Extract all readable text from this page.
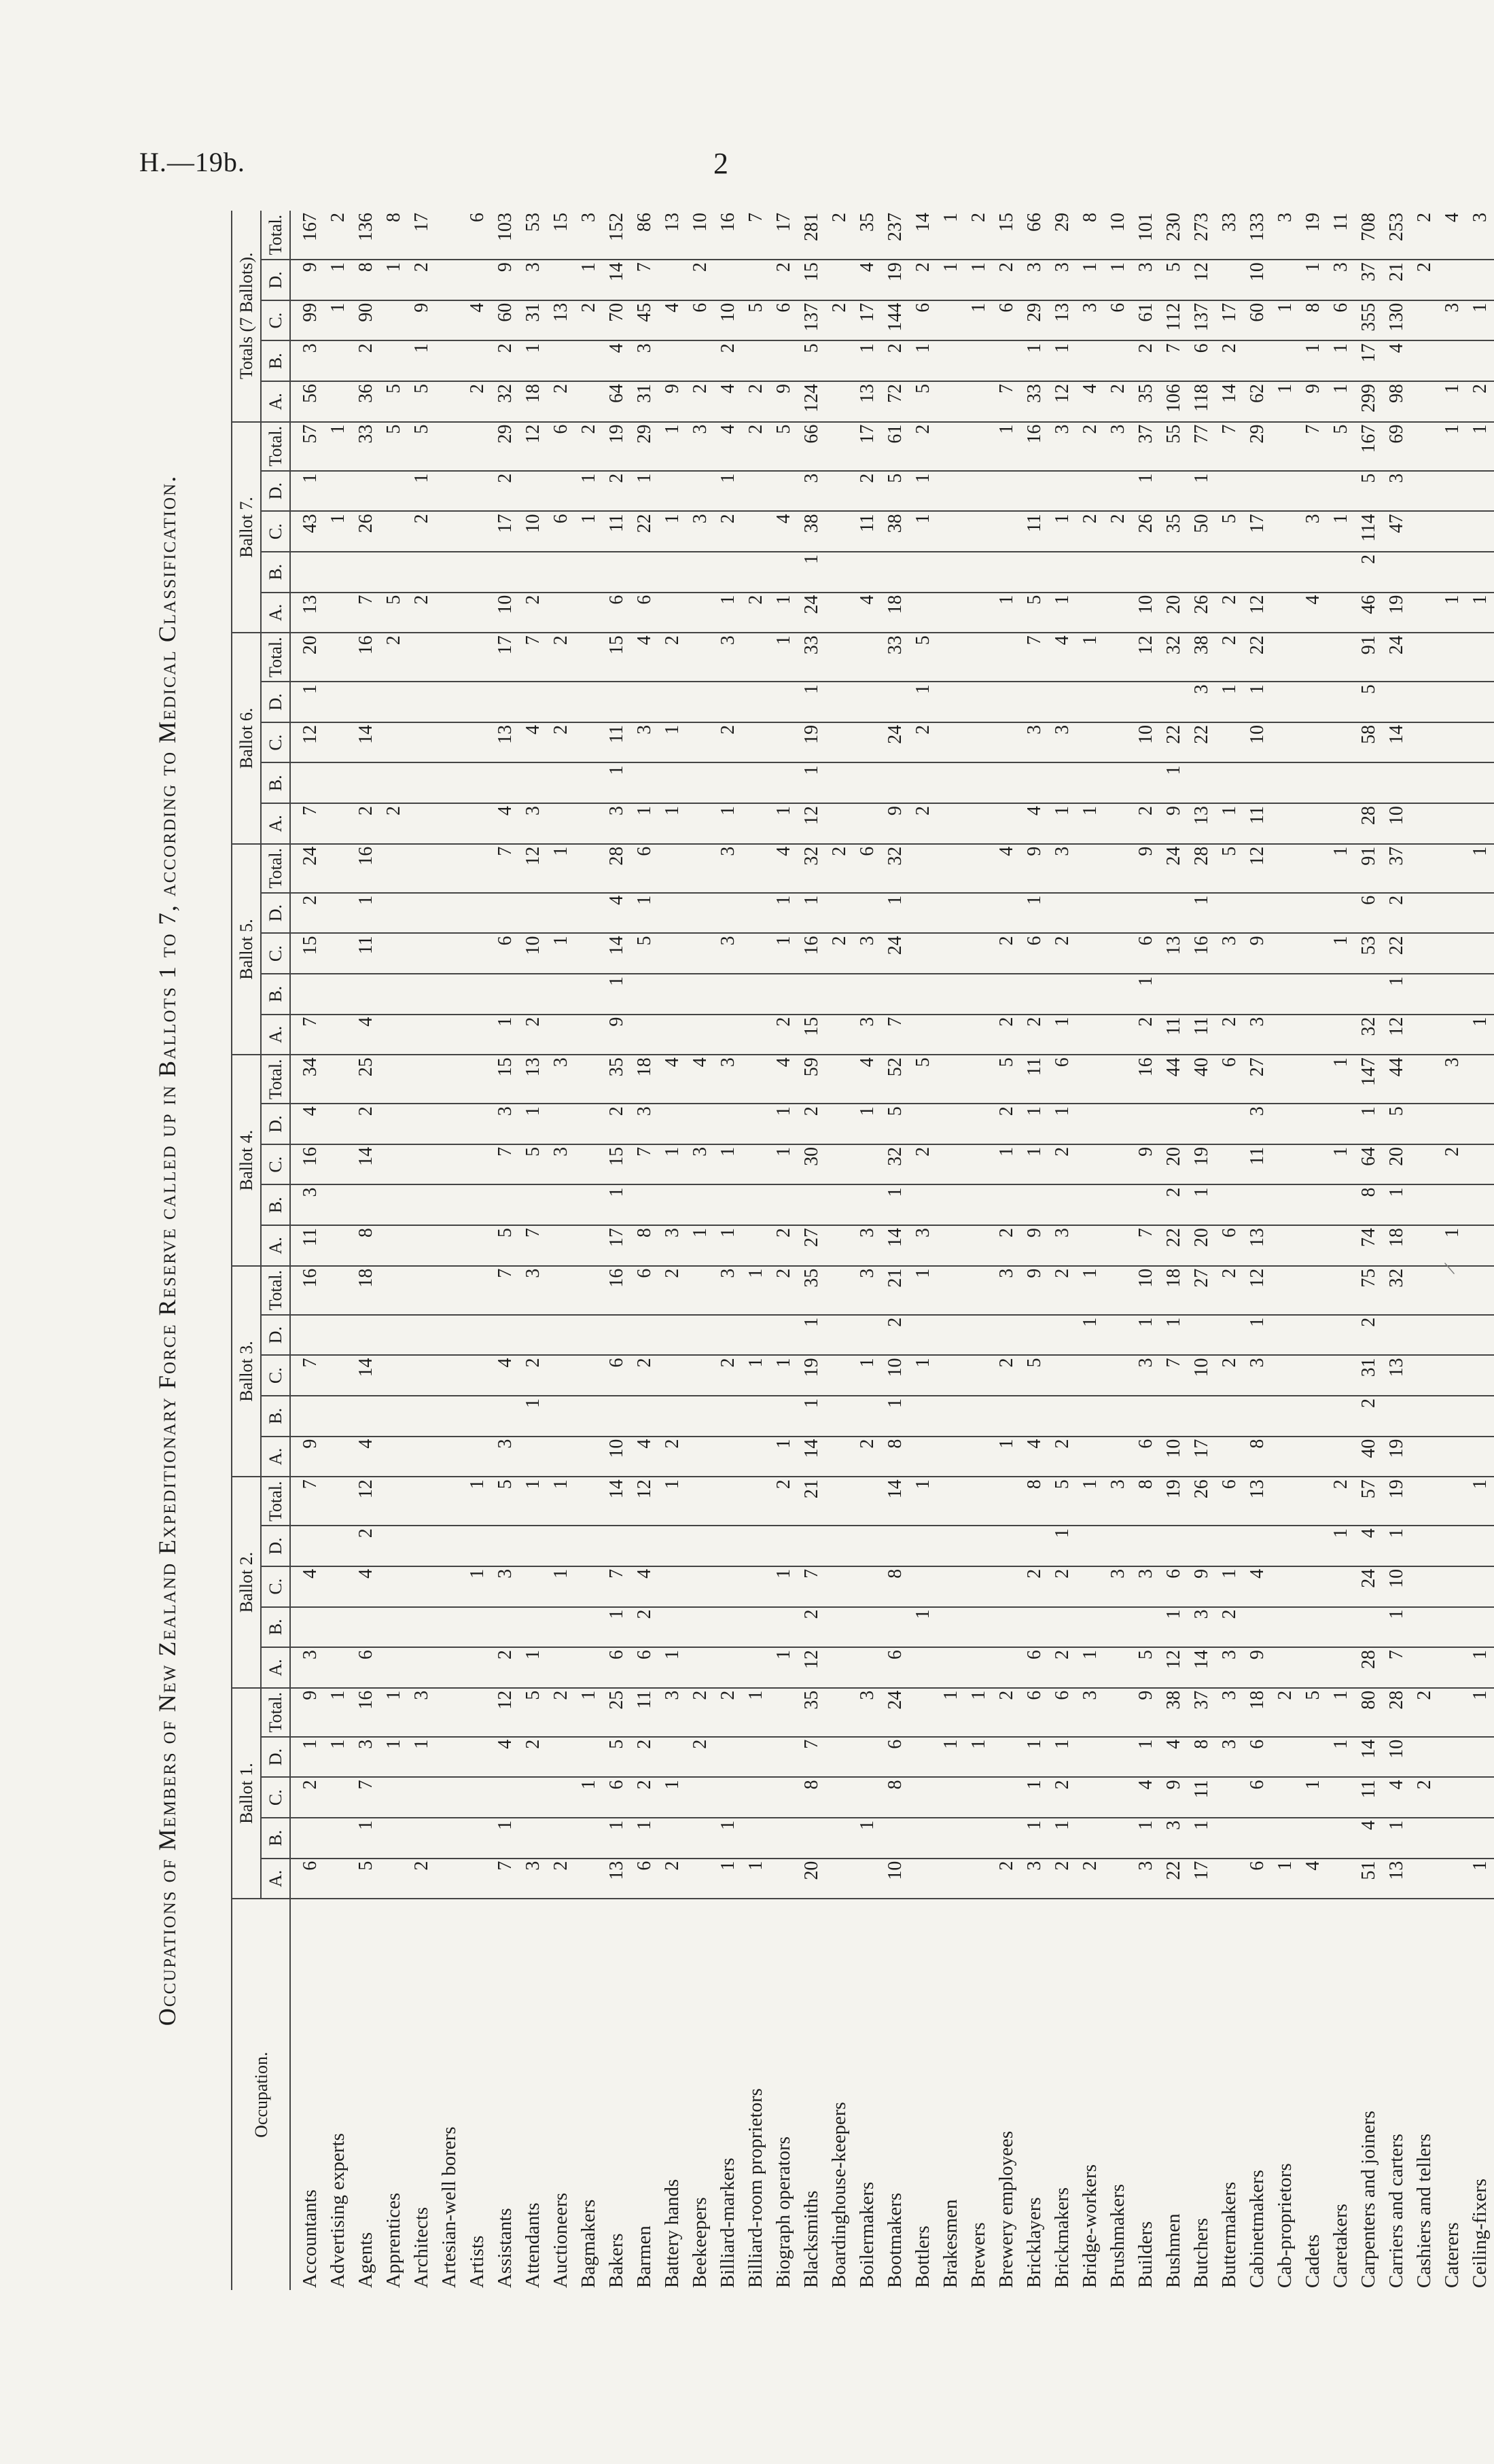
H.—19b.	2
Occupations of Members of New Zealand Expeditionary Force Reserve called up in Ballots 1 to 7, according to Medical Classification.
Occupation.	Ballot 1.					Ballot 2.					Ballot 3.					Ballot 4.					Ballot 5.					Ballot 6.					Ballot 7.					Totals (7 Ballots).				
	A.	B.	C.	D.	Total.	A.	B.	C.	D.	Total.	A.	B.	C.	D.	Total.	A.	B.	C.	D.	Total.	A.	B.	C.	D.	Total.	A.	B.	C.	D.	Total.	A.	B.	C.	D.	Total.	A.	B.	C.	D.	Total.
Accountants	6		2	1	9	3		4		7	9		7		16	11	3	16	4	34	7		15	2	24	7		12	1	20	13		43	1	57	56	3	99	9	167
Advertising experts				1	1																												1		1			1	1	2
Agents	5	1	7	3	16	6		4	2	12	4		14		18	8		14	2	25	4		11	1	16	2		14		16	7		26		33	36	2	90	8	136
Apprentices				1	1																					2				2	5				5	5			1	8
Architects	2			1	3																										2		2	1	5	5	1	9	2	17
Artesian-well borers																																								
Artists								1		1																										2		4		6
Assistants	7	1		4	12	2		3		5	3		4		7	5		7	3	15	1		6		7	4		13		17	10		17	2	29	32	2	60	9	103
Attendants	3			2	5	1				1		1	2		3	7		5	1	13	2		10		12	3		4		7	2		10		12	18	1	31	3	53
Auctioneers	2				2			1		1								3		3			1		1			2		2			6		6	2		13		15
Bagmakers			1		1																												1	1	2			2	1	3
Bakers	13	1	6	5	25	6	1	7		14	10		6		16	17	1	15	2	35	9	1	14	4	28	3	1	11		15	6		11	2	19	64	4	70	14	152
Barmen	6	1	2	2	11	6	2	4		12	4		2		6	8		7	3	18			5	1	6	1		3		4	6		22	1	29	31	3	45	7	86
Battery hands	2		1		3	1				1	2				2	3		1		4						1		1		2			1		1	9		4		13
Beekeepers				2	2											1		3		4													3		3	2		6	2	10
Billiard-markers	1	1			2								2		3	1		1		3			3		3	1		2		3	1		2	1	4	4	2	10		16
Billiard-room proprietors	1				1								1		1																2				2	2		5		7
Biograph operators						1		1		2	1		1		2	2		1	1	4	2		1	1	4	1				1	1		4		5	9		6	2	17
Blacksmiths	20		8	7	35	12	2	7		21	14	1	19	1	35	27		30	2	59	15		16	1	32	12	1	19	1	33	24	1	38	3	66	124	5	137	15	281
Boardinghouse-keepers																							2		2													2		2
Boilermakers		1			3						2		1		3	3			1	4	3		3		6						4		11	2	17	13	1	17	4	35
Bootmakers	10		8	6	24	6		8		14	8	1	10	2	21	14	1	32	5	52	7		24	1	32	9		24		33	18		38	5	61	72	2	144	19	237
Bottlers							1			1			1		1	3		2		5						2		2	1	5			1	1	2	5	1	6	2	14
Brakesmen				1	1																																		1	1
Brewers				1	1																																	1	1	2
Brewery employees	2				2						1		2		3	2		1	2	5	2		2		4						1				1	7		6	2	15
Bricklayers	3	1	1	1	6	6		2		8	4		5		9	9		1	1	11	2		6	1	9	4		3		7	5		11		16	33	1	29	3	66
Brickmakers	2	1	2	1	6	2		2	1	5	2				2	3		2	1	6	1		2		3	1		3		4	1		1		3	12	1	13	3	29
Bridge-workers	2				3	1				1				1	1											1				1			2		2	4		3	1	8
Brushmakers								3		3																							2		3	2		6	1	10
Builders	3	1	4	1	9	5		3		8	6		3	1	10	7		9		16	2	1	6		9	2		10		12	10		26	1	37	35	2	61	3	101
Bushmen	22	3	9	4	38	12	1	6		19	10		7	1	18	22	2	20		44	11		13		24	9	1	22		32	20		35		55	106	7	112	5	230
Butchers	17	1	11	8	37	14	3	9		26	17		10		27	20	1	19		40	11		16	1	28	13		22	3	38	26		50	1	77	118	6	137	12	273
Buttermakers				3	3	3	2	1		6			2		2	6				6	2		3		5	1			1	2	2		5		7	14	2	17		33
Cabinetmakers	6		6	6	18	9		4		13	8		3	1	12	13		11	3	27	3		9		12	11		10	1	22	12		17		29	62		60	10	133
Cab-proprietors	1				2																															1		1		3
Cadets	4		1		5																										4		3		7	9	1	8	1	19
Caretakers				1	1				1	2								1		1			1		1								1		5	1	1	6	3	11
Carpenters and joiners	51	4	11	14	80	28		24	4	57	40	2	31	2	75	74	8	64	1	147	32		53	6	91	28		58	5	91	46	2	114	5	167	299	17	355	37	708
Carriers and carters	13	1	4	10	28	7	1	10	1	19	19		13		32	18	1	20	5	44	12	1	22	2	37	10		14		24	19		47	3	69	98	4	130	21	253
Cashiers and tellers			2		2																																		2	2
Caterers																1		2		3											1				1	1		3		4
Ceiling-fixers	1				1	1				1											1				1						1				1	2		1		3
/
